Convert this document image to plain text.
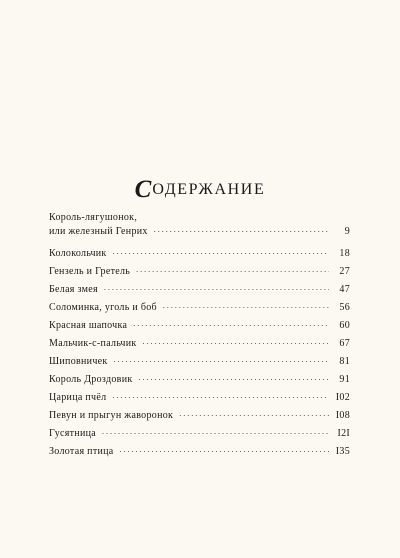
СОДЕРЖАНИЕ
Король-лягушонок,
или железный Генрих . . .	9
Колокольчик . . .	18
Гензель и Гретель . . .	27
Белая змея . . .	47
Соломинка, уголь и боб . . .	56
Красная шапочка . . .	60
Мальчик-с-пальчик . . .	67
Шиповничек . . .	81
Король Дроздовик . . .	91
Царица пчёл . . .	I02
Певун и прыгун жаворонок . . .	I08
Гусятница . . .	I2I
Золотая птица . . .	I35
